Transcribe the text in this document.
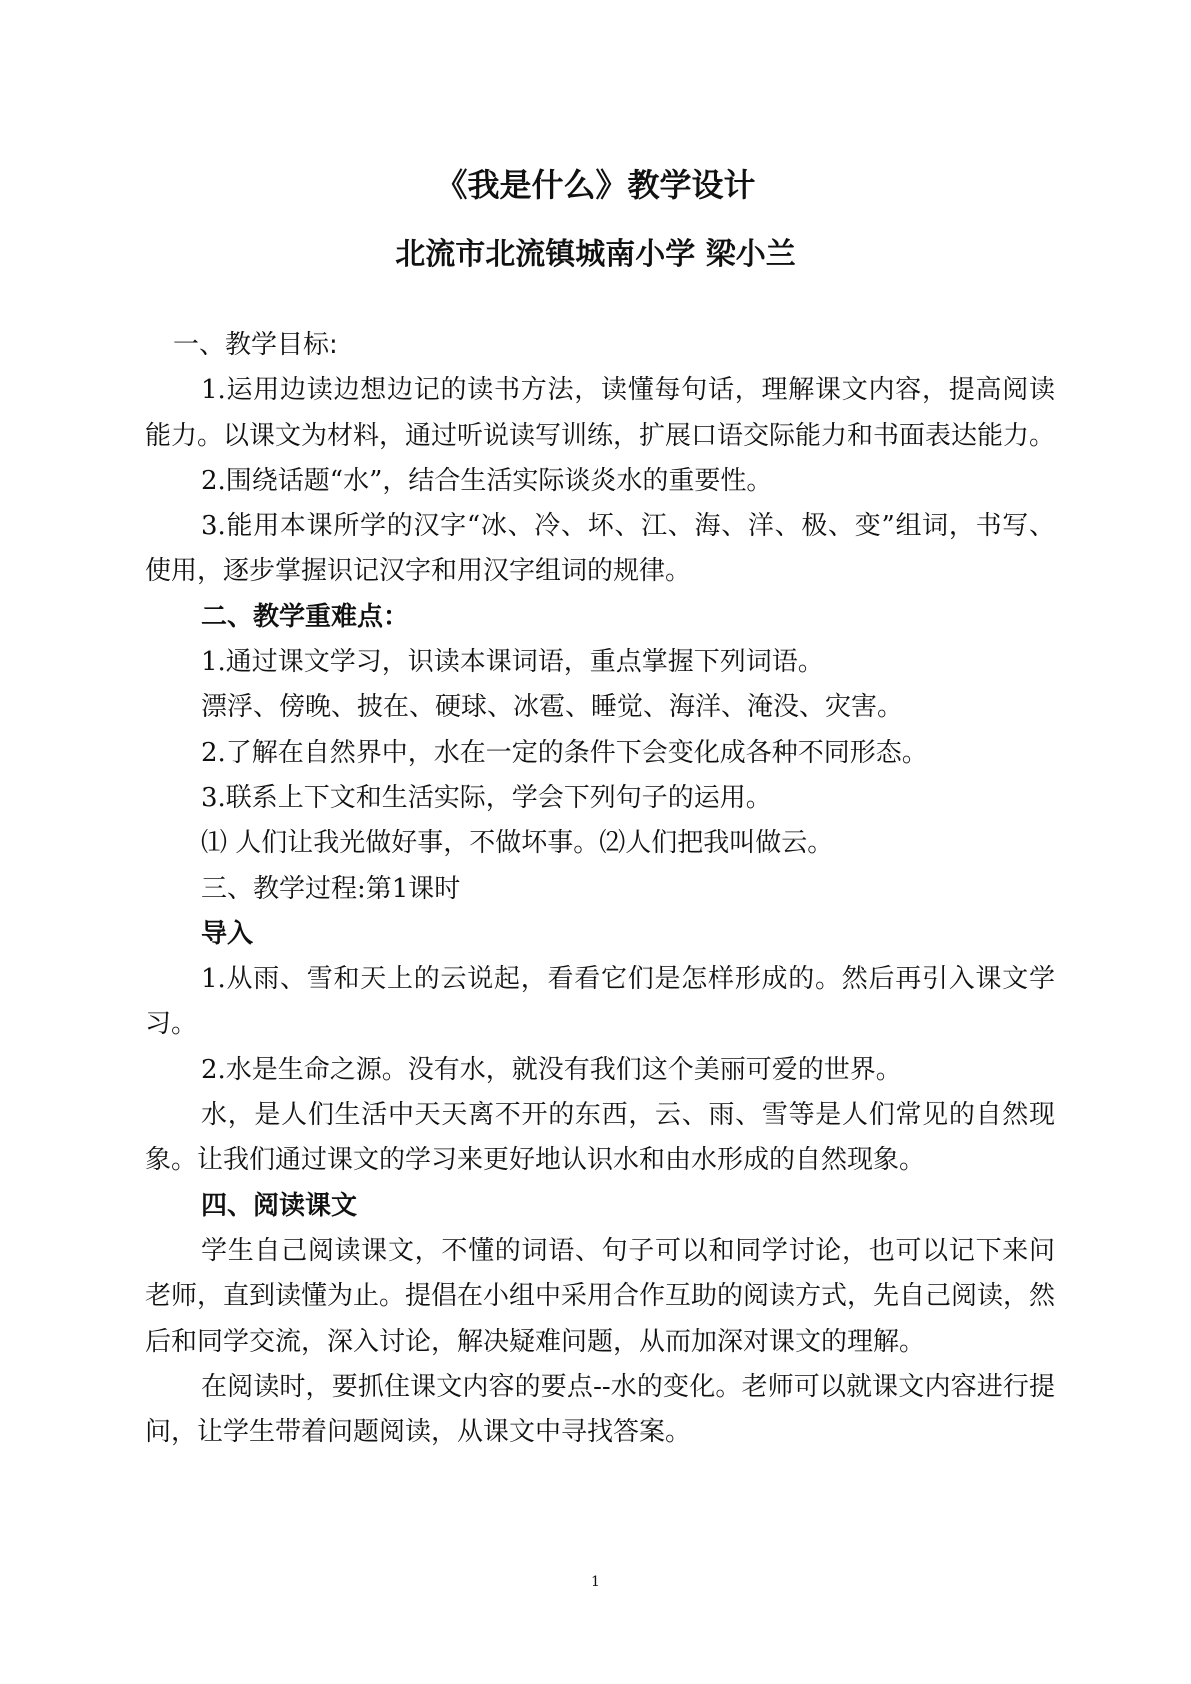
《我是什么》教学设计
北流市北流镇城南小学 梁小兰

一、教学目标:

1.运用边读边想边记的读书方法，读懂每句话，理解课文内容，提高阅读能力。以课文为材料，通过听说读写训练，扩展口语交际能力和书面表达能力。

2.围绕话题“水”，结合生活实际谈炎水的重要性。

3.能用本课所学的汉字“冰、冷、坏、江、海、洋、极、变”组词，书写、使用，逐步掌握识记汉字和用汉字组词的规律。

二、教学重难点：

1.通过课文学习，识读本课词语，重点掌握下列词语。

漂浮、傍晚、披在、硬球、冰雹、睡觉、海洋、淹没、灾害。

2.了解在自然界中，水在一定的条件下会变化成各种不同形态。

3.联系上下文和生活实际，学会下列句子的运用。

⑴ 人们让我光做好事，不做坏事。⑵人们把我叫做云。

三、教学过程:第1课时

导入

1.从雨、雪和天上的云说起，看看它们是怎样形成的。然后再引入课文学习。

2.水是生命之源。没有水，就没有我们这个美丽可爱的世界。

水，是人们生活中天天离不开的东西，云、雨、雪等是人们常见的自然现象。让我们通过课文的学习来更好地认识水和由水形成的自然现象。

四、阅读课文

学生自己阅读课文，不懂的词语、句子可以和同学讨论，也可以记下来问老师，直到读懂为止。提倡在小组中采用合作互助的阅读方式，先自己阅读，然后和同学交流，深入讨论，解决疑难问题，从而加深对课文的理解。

在阅读时，要抓住课文内容的要点--水的变化。老师可以就课文内容进行提问，让学生带着问题阅读，从课文中寻找答案。

1
